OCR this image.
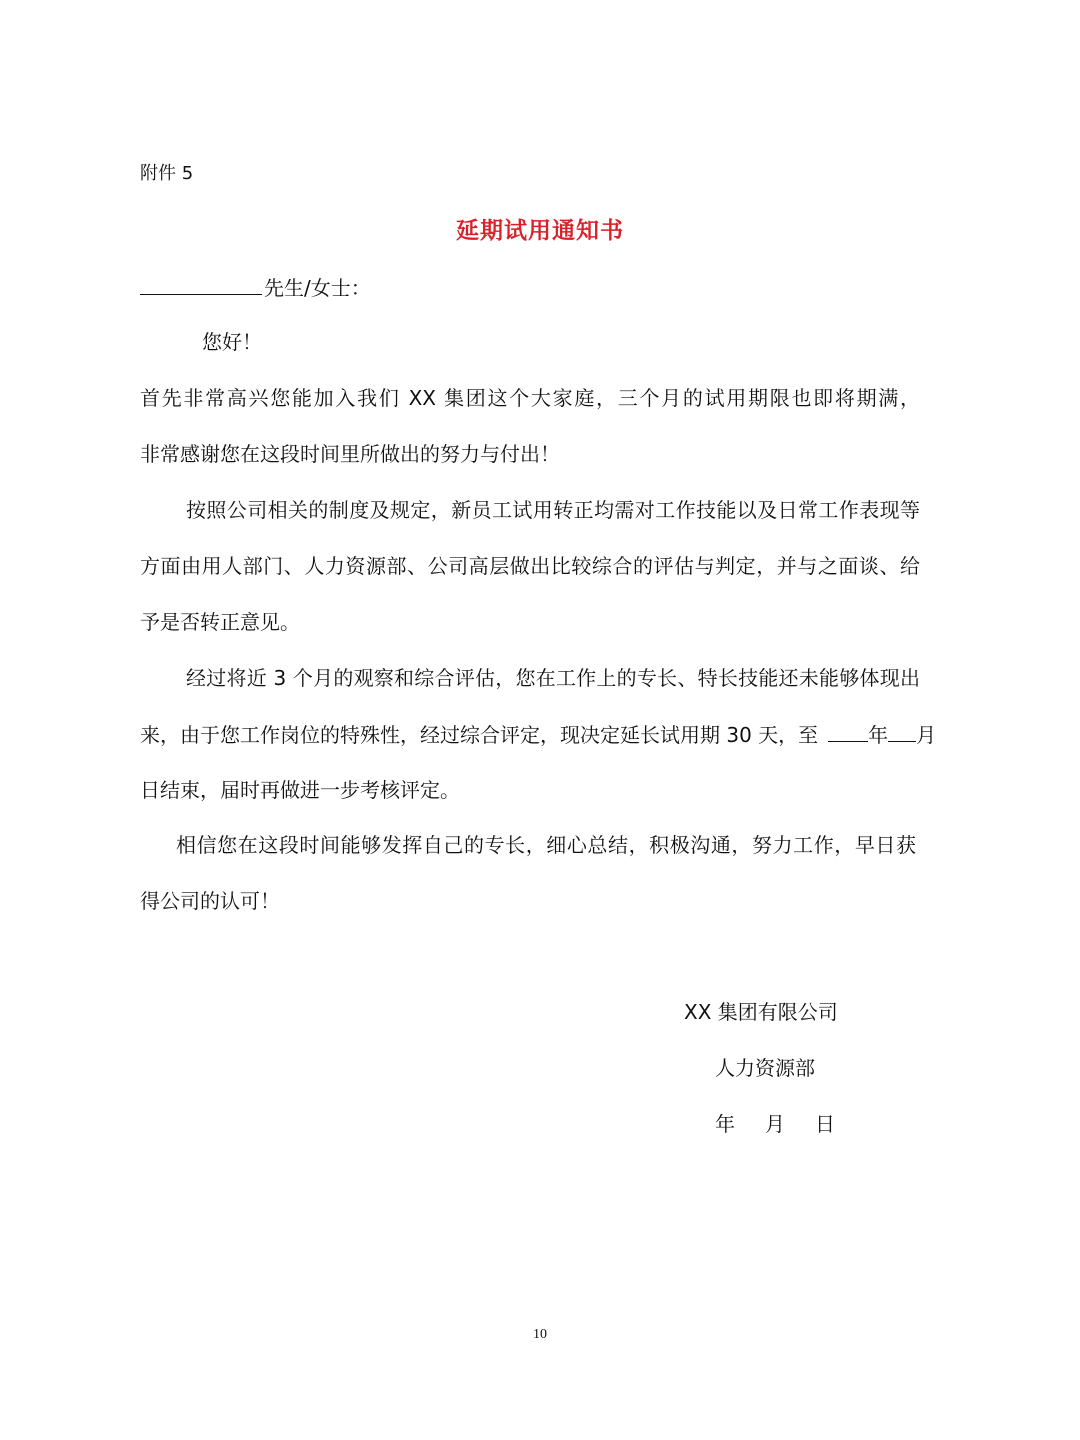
附件 5
延期试用通知书
先生/女士：
您好！
首先非常高兴您能加入我们 XX 集团这个大家庭，三个月的试用期限也即将期满，
非常感谢您在这段时间里所做出的努力与付出！
按照公司相关的制度及规定，新员工试用转正均需对工作技能以及日常工作表现等
方面由用人部门、人力资源部、公司高层做出比较综合的评估与判定，并与之面谈、给
予是否转正意见。
经过将近 3 个月的观察和综合评估，您在工作上的专长、特长技能还未能够体现出
来，由于您工作岗位的特殊性，经过综合评定，现决定延长试用期 30 天，至	年 月
日结束，届时再做进一步考核评定。
相信您在这段时间能够发挥自己的专长，细心总结，积极沟通，努力工作，早日获
得公司的认可！
XX 集团有限公司
人力资源部
年 月 日
10
